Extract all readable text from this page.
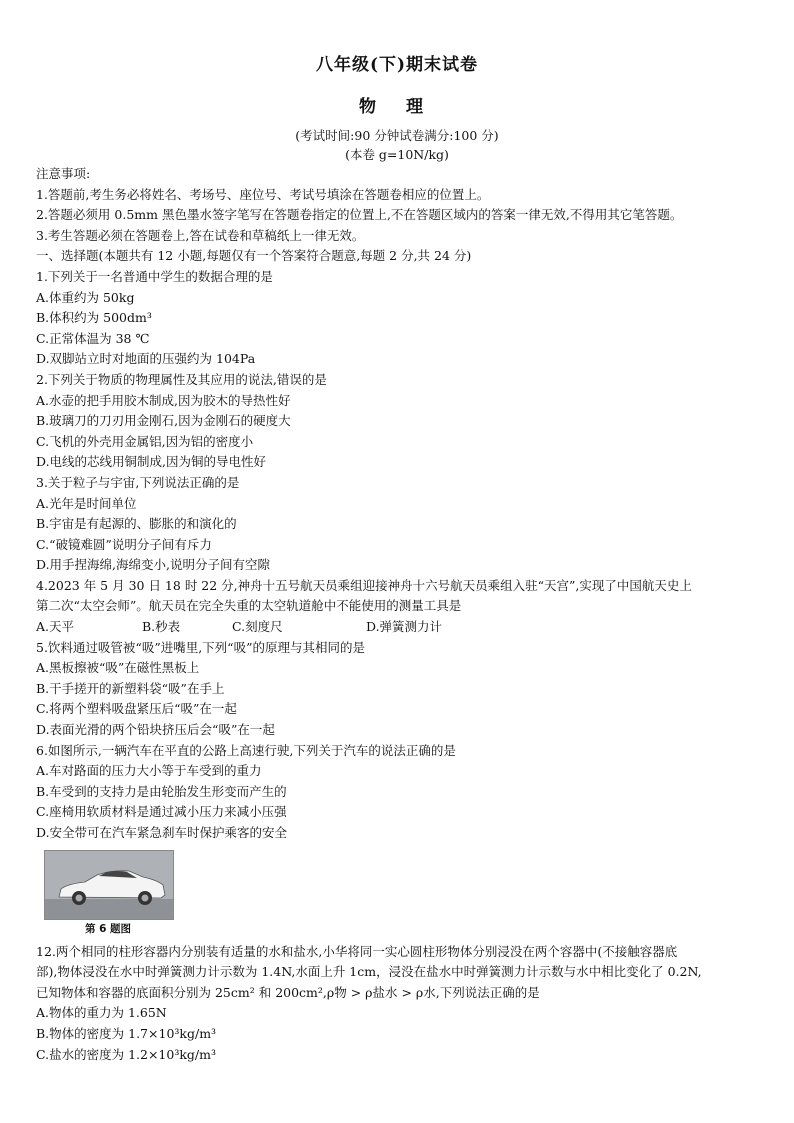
八年级(下)期末试卷
物 理
(考试时间:90 分钟试卷满分:100 分)
(本卷 g=10N/kg)
注意事项:
1.答题前,考生务必将姓名、考场号、座位号、考试号填涂在答题卷相应的位置上。
2.答题必须用 0.5mm 黑色墨水签字笔写在答题卷指定的位置上,不在答题区域内的答案一律无效,不得用其它笔答题。
3.考生答题必须在答题卷上,答在试卷和草稿纸上一律无效。
一、选择题(本题共有 12 小题,每题仅有一个答案符合题意,每题 2 分,共 24 分)
1.下列关于一名普通中学生的数据合理的是
A.体重约为 50kg
B.体积约为 500dm³
C.正常体温为 38 ℃
D.双脚站立时对地面的压强约为 104Pa
2.下列关于物质的物理属性及其应用的说法,错误的是
A.水壶的把手用胶木制成,因为胶木的导热性好
B.玻璃刀的刀刃用金刚石,因为金刚石的硬度大
C.飞机的外壳用金属铝,因为铝的密度小
D.电线的芯线用铜制成,因为铜的导电性好
3.关于粒子与宇宙,下列说法正确的是
A.光年是时间单位
B.宇宙是有起源的、膨胀的和演化的
C.“破镜难圆”说明分子间有斥力
D.用手捏海绵,海绵变小,说明分子间有空隙
4.2023 年 5 月 30 日 18 时 22 分,神舟十五号航天员乘组迎接神舟十六号航天员乘组入驻“天宫”,实现了中国航天史上
第二次“太空会师”。航天员在完全失重的太空轨道舱中不能使用的测量工具是
A.天平	B.秒表	C.刻度尺	D.弹簧测力计
5.饮料通过吸管被“吸”进嘴里,下列“吸”的原理与其相同的是
A.黑板擦被“吸”在磁性黑板上
B.干手搓开的新塑料袋“吸”在手上
C.将两个塑料吸盘紧压后“吸”在一起
D.表面光滑的两个铅块挤压后会“吸”在一起
6.如图所示,一辆汽车在平直的公路上高速行驶,下列关于汽车的说法正确的是
A.车对路面的压力大小等于车受到的重力
B.车受到的支持力是由轮胎发生形变而产生的
C.座椅用软质材料是通过减小压力来减小压强
D.安全带可在汽车紧急刹车时保护乘客的安全
第 6 题图
12.两个相同的柱形容器内分别装有适量的水和盐水,小华将同一实心圆柱形物体分别浸没在两个容器中(不接触容器底
部),物体浸没在水中时弹簧测力计示数为 1.4N,水面上升 1cm，浸没在盐水中时弹簧测力计示数与水中相比变化了 0.2N,
已知物体和容器的底面积分别为 25cm² 和 200cm²,ρ物 > ρ盐水 > ρ水,下列说法正确的是
A.物体的重力为 1.65N
B.物体的密度为 1.7×10³kg/m³
C.盐水的密度为 1.2×10³kg/m³
